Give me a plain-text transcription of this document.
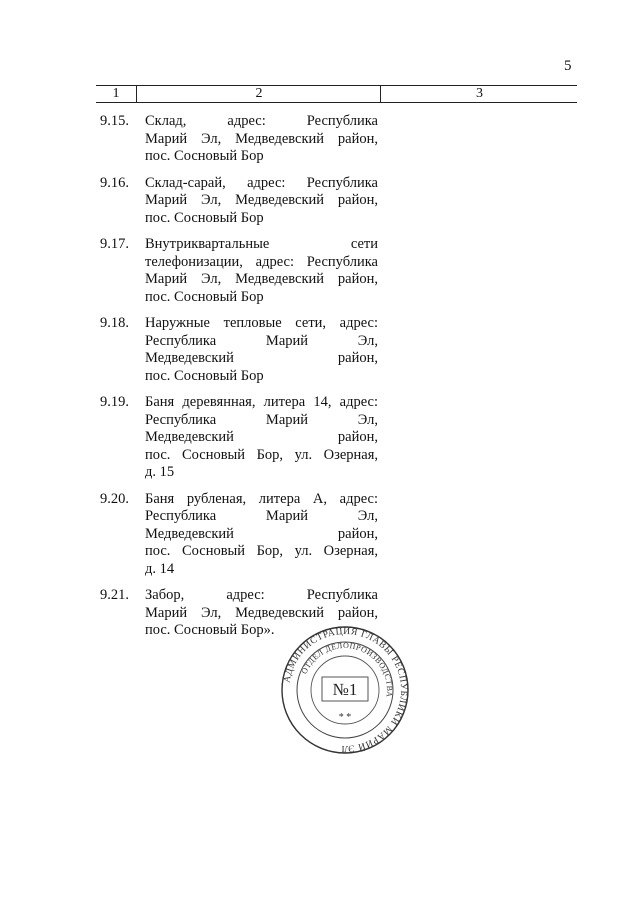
5
1	2	3
9.15. Склад, адрес: Республика
Марий Эл, Медведевский район,
пос. Сосновый Бор
9.16. Склад-сарай, адрес: Республика
Марий Эл, Медведевский район,
пос. Сосновый Бор
9.17. Внутриквартальные сети
телефонизации, адрес: Республика
Марий Эл, Медведевский район,
пос. Сосновый Бор
9.18. Наружные тепловые сети, адрес:
Республика Марий Эл,
Медведевский район,
пос. Сосновый Бор
9.19. Баня деревянная, литера 14, адрес:
Республика Марий Эл,
Медведевский район,
пос. Сосновый Бор, ул. Озерная,
д. 15
9.20. Баня рубленая, литера А, адрес:
Республика Марий Эл,
Медведевский район,
пос. Сосновый Бор, ул. Озерная,
д. 14
9.21. Забор, адрес: Республика
Марий Эл, Медведевский район,
пос. Сосновый Бор».
АДМИНИСТРАЦИЯ ГЛАВЫ РЕСПУБЛИКИ МАРИЙ ЭЛ
ОТДЕЛ ДЕЛОПРОИЗВОДСТВА
№1
* *
